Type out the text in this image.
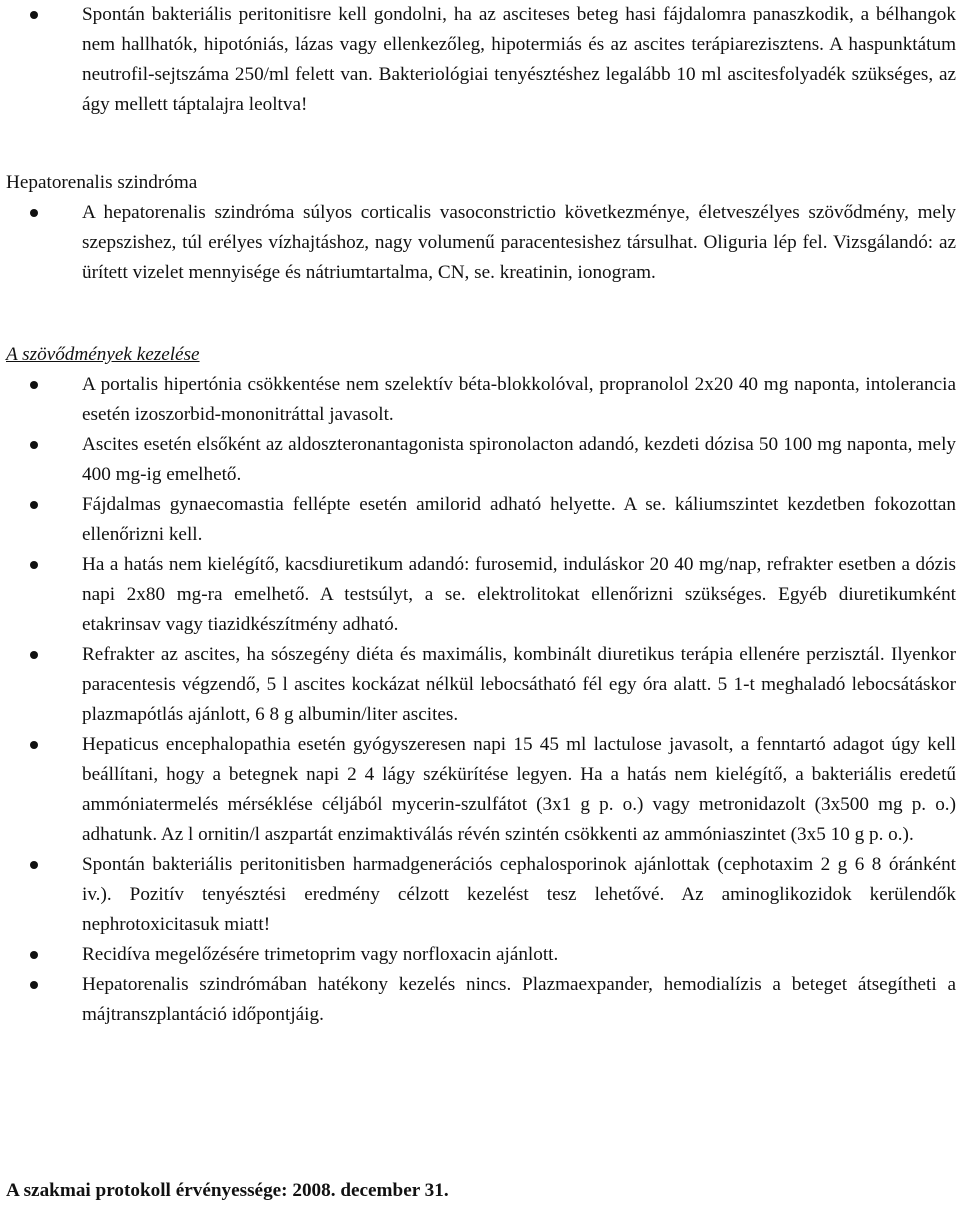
Spontán bakteriális peritonitisre kell gondolni, ha az asciteses beteg hasi fájdalomra panaszkodik, a bélhangok nem hallhatók, hipotóniás, lázas vagy ellenkezőleg, hipotermiás és az ascites terápiarezisztens. A haspunktátum neutrofil-sejtszáma 250/ml felett van. Bakteriológiai tenyésztéshez legalább 10 ml ascitesfolyadék szükséges, az ágy mellett táptalajra leoltva!
Hepatorenalis szindróma
A hepatorenalis szindróma súlyos corticalis vasoconstrictio következménye, életveszélyes szövődmény, mely szepszishez, túl erélyes vízhajtáshoz, nagy volumenű paracentesishez társulhat. Oliguria lép fel. Vizsgálandó: az ürített vizelet mennyisége és nátriumtartalma, CN, se. kreatinin, ionogram.
A szövődmények kezelése
A portalis hipertónia csökkentése nem szelektív béta-blokkolóval, propranolol 2x20 40 mg naponta, intolerancia esetén izoszorbid-mononitráttal javasolt.
Ascites esetén elsőként az aldoszteronantagonista spironolacton adandó, kezdeti dózisa 50 100 mg naponta, mely 400 mg-ig emelhető.
Fájdalmas gynaecomastia fellépte esetén amilorid adható helyette. A se. káliumszintet kezdetben fokozottan ellenőrizni kell.
Ha a hatás nem kielégítő, kacsdiuretikum adandó: furosemid, induláskor 20 40 mg/nap, refrakter esetben a dózis napi 2x80 mg-ra emelhető. A testsúlyt, a se. elektrolitokat ellenőrizni szükséges. Egyéb diuretikumként etakrinsav vagy tiazidkészítmény adható.
Refrakter az ascites, ha sószegény diéta és maximális, kombinált diuretikus terápia ellenére perzisztál. Ilyenkor paracentesis végzendő, 5 l ascites kockázat nélkül lebocsátható fél egy óra alatt. 5 1-t meghaladó lebocsátáskor plazmapótlás ajánlott, 6 8 g albumin/liter ascites.
Hepaticus encephalopathia esetén gyógyszeresen napi 15 45 ml lactulose javasolt, a fenntartó adagot úgy kell beállítani, hogy a betegnek napi 2 4 lágy székürítése legyen. Ha a hatás nem kielégítő, a bakteriális eredetű ammóniatermelés mérséklése céljából mycerin-szulfátot (3x1 g p. o.) vagy metronidazolt (3x500 mg p. o.) adhatunk. Az l ornitin/l aszpartát enzimaktiválás révén szintén csökkenti az ammóniaszintet (3x5 10 g p. o.).
Spontán bakteriális peritonitisben harmadgenerációs cephalosporinok ajánlottak (cephotaxim 2 g 6 8 óránként iv.). Pozitív tenyésztési eredmény célzott kezelést tesz lehetővé. Az aminoglikozidok kerülendők nephrotoxicitasuk miatt!
Recidíva megelőzésére trimetoprim vagy norfloxacin ajánlott.
Hepatorenalis szindrómában hatékony kezelés nincs. Plazmaexpander, hemodialízis a beteget átsegítheti a májtranszplantáció időpontjáig.
A szakmai protokoll érvényessége: 2008. december 31.
